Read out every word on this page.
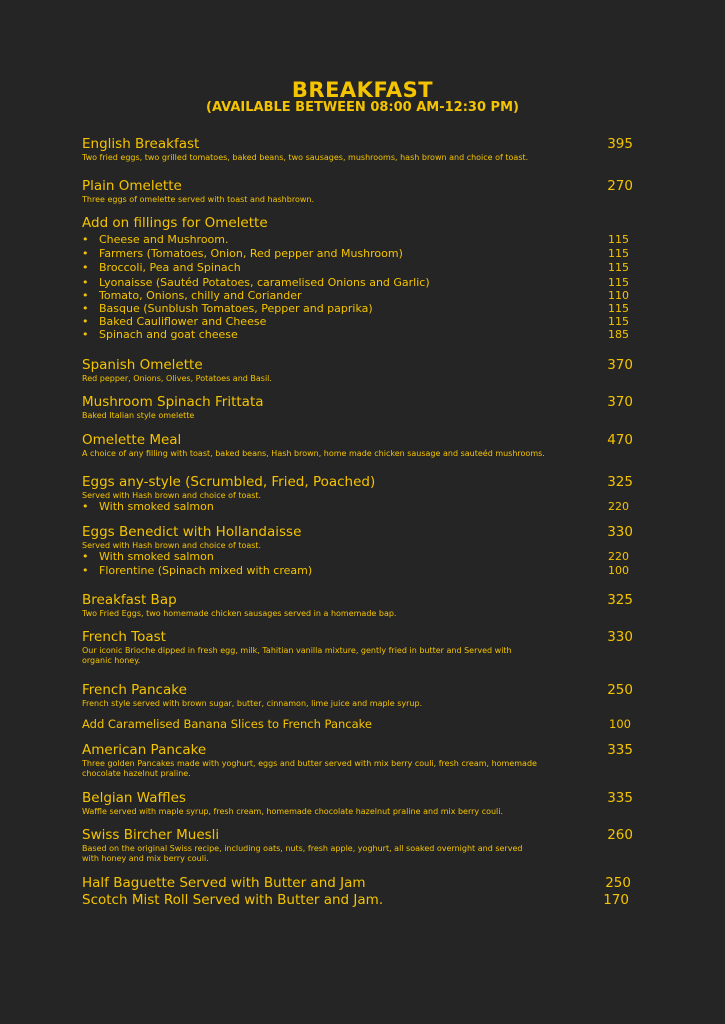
BREAKFAST
(AVAILABLE BETWEEN 08:00 AM-12:30 PM)
English Breakfast	395
Two fried eggs, two grilled tomatoes, baked beans, two sausages, mushrooms, hash brown and choice of toast.
Plain Omelette	270
Three eggs of omelette served with toast and hashbrown.
Add on fillings for Omelette
• Cheese and Mushroom.	115
• Farmers (Tomatoes, Onion, Red pepper and Mushroom)	115
• Broccoli, Pea and Spinach	115
• Lyonaisse (Sautéd Potatoes, caramelised Onions and Garlic)	115
• Tomato, Onions, chilly and Coriander	110
• Basque (Sunblush Tomatoes, Pepper and paprika)	115
• Baked Cauliflower and Cheese	115
• Spinach and goat cheese	185
Spanish Omelette	370
Red pepper, Onions, Olives, Potatoes and Basil.
Mushroom Spinach Frittata	370
Baked Italian style omelette
Omelette Meal	470
A choice of any filling with toast, baked beans, Hash brown, home made chicken sausage and sauteéd mushrooms.
Eggs any-style (Scrumbled, Fried, Poached)	325
Served with Hash brown and choice of toast.
• With smoked salmon	220
Eggs Benedict with Hollandaisse	330
Served with Hash brown and choice of toast.
• With smoked salmon	220
• Florentine (Spinach mixed with cream)	100
Breakfast Bap	325
Two Fried Eggs, two homemade chicken sausages served in a homemade bap.
French Toast	330
Our iconic Brioche dipped in fresh egg, milk, Tahitian vanilla mixture, gently fried in butter and Served with organic honey.
French Pancake	250
French style served with brown sugar, butter, cinnamon, lime juice and maple syrup.
Add Caramelised Banana Slices to French Pancake	100
American Pancake	335
Three golden Pancakes made with yoghurt, eggs and butter served with mix berry couli, fresh cream, homemade chocolate hazelnut praline.
Belgian Waffles	335
Waffle served with maple syrup, fresh cream, homemade chocolate hazelnut praline and mix berry couli.
Swiss Bircher Muesli	260
Based on the original Swiss recipe, including oats, nuts, fresh apple, yoghurt, all soaked overnight and served with honey and mix berry couli.
Half Baguette Served with Butter and Jam	250
Scotch Mist Roll Served with Butter and Jam.	170
